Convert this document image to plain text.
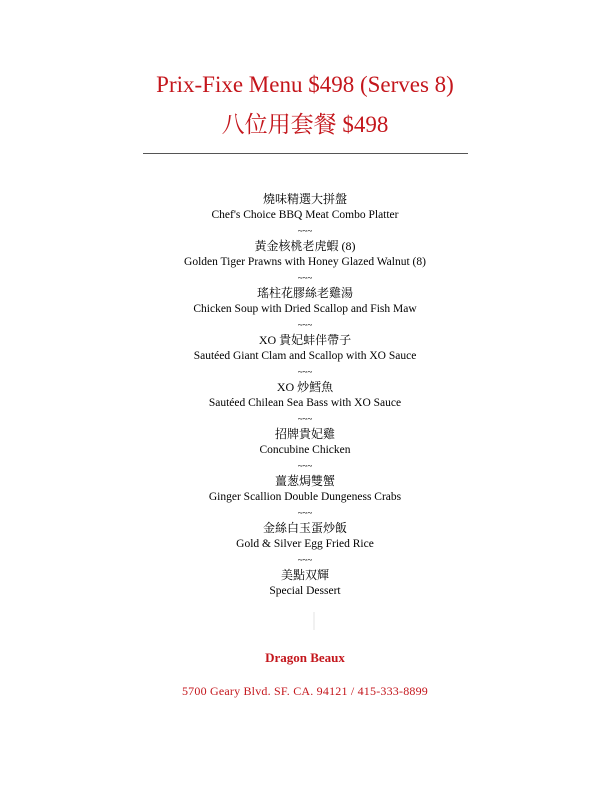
Prix-Fixe Menu $498 (Serves 8)
八位用套餐 $498
燒味精選大拼盤
Chef's Choice BBQ Meat Combo Platter
~~~
黃金核桃老虎蝦 (8)
Golden Tiger Prawns with Honey Glazed Walnut (8)
~~~
瑤柱花膠絲老雞湯
Chicken Soup with Dried Scallop and Fish Maw
~~~
XO 貴妃蚌伴帶子
Sautéed Giant Clam and Scallop with XO Sauce
~~~
XO 炒鱈魚
Sautéed Chilean Sea Bass with XO Sauce
~~~
招牌貴妃雞
Concubine Chicken
~~~
薑葱焗雙蟹
Ginger Scallion Double Dungeness Crabs
~~~
金絲白玉蛋炒飯
Gold & Silver Egg Fried Rice
~~~
美點双輝
Special Dessert

Dragon Beaux

5700 Geary Blvd. SF. CA. 94121 / 415-333-8899
